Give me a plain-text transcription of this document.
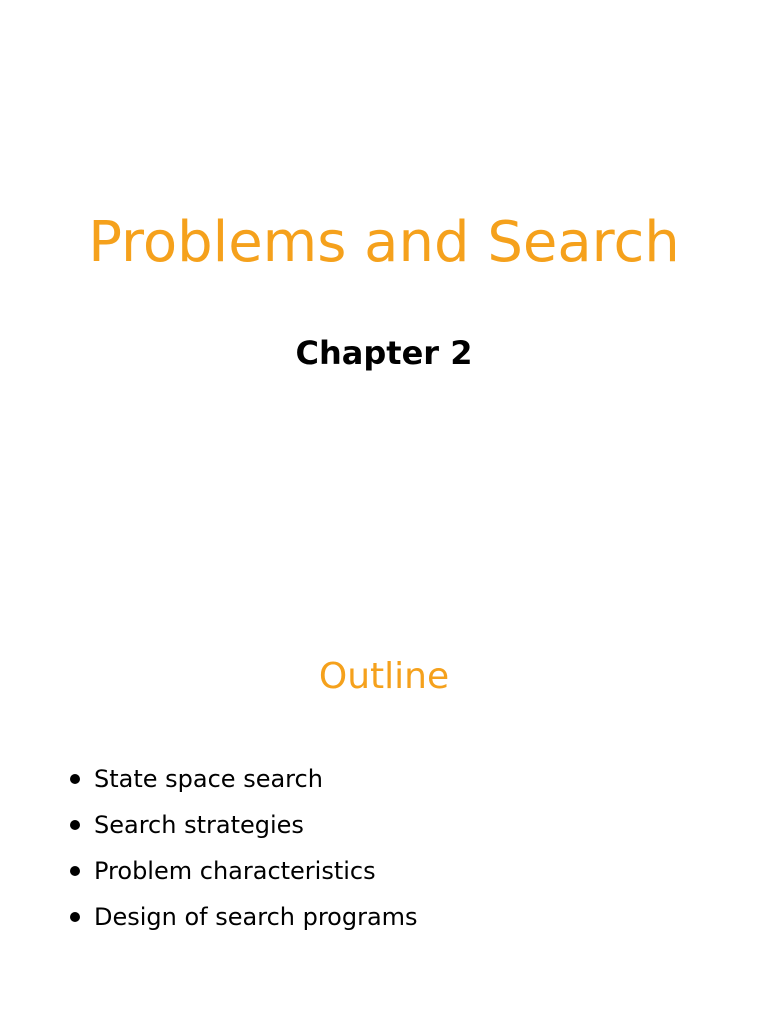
Problems and Search
Chapter 2
Outline
State space search
Search strategies
Problem characteristics
Design of search programs
